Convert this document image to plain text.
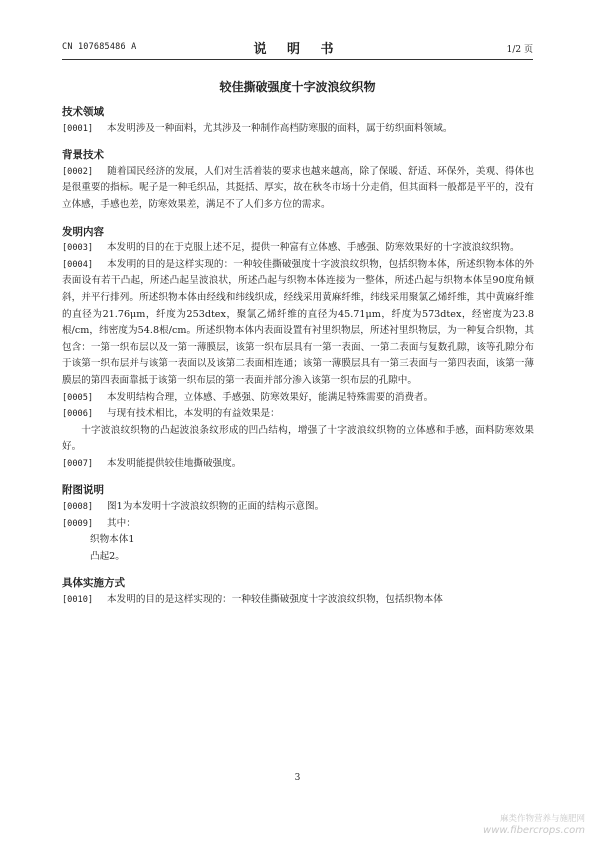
CN 107685486 A	说 明 书	1/2 页
较佳撕破强度十字波浪纹织物
技术领域

[0001] 本发明涉及一种面料，尤其涉及一种制作高档防寒服的面料，属于纺织面料领域。

背景技术

[0002] 随着国民经济的发展，人们对生活着装的要求也越来越高，除了保暖、舒适、环保外，美观、得体也是很重要的指标。呢子是一种毛织品，其挺括、厚实，故在秋冬市场十分走俏，但其面料一般都是平平的，没有立体感，手感也差，防寒效果差，满足不了人们多方位的需求。

发明内容

[0003] 本发明的目的在于克服上述不足，提供一种富有立体感、手感强、防寒效果好的十字波浪纹织物。

[0004] 本发明的目的是这样实现的：一种较佳撕破强度十字波浪纹织物，包括织物本体，所述织物本体的外表面设有若干凸起，所述凸起呈波浪状，所述凸起与织物本体连接为一整体，所述凸起与织物本体呈90度角倾斜，并平行排列。所述织物本体由经线和纬线织成，经线采用黄麻纤维，纬线采用聚氯乙烯纤维，其中黄麻纤维的直径为21.76μm，纤度为253dtex，聚氯乙烯纤维的直径为45.71μm，纤度为573dtex，经密度为23.8根/cm，纬密度为54.8根/cm。所述织物本体内表面设置有衬里织物层，所述衬里织物层，为一种复合织物，其包含：一第一织布层以及一第一薄膜层，该第一织布层具有一第一表面、一第二表面与复数孔隙，该等孔隙分布于该第一织布层并与该第一表面以及该第二表面相连通；该第一薄膜层具有一第三表面与一第四表面，该第一薄膜层的第四表面靠抵于该第一织布层的第一表面并部分渗入该第一织布层的孔隙中。

[0005] 本发明结构合理，立体感、手感强、防寒效果好，能满足特殊需要的消费者。

[0006] 与现有技术相比，本发明的有益效果是：

十字波浪纹织物的凸起波浪条纹形成的凹凸结构，增强了十字波浪纹织物的立体感和手感，面料防寒效果好。

[0007] 本发明能提供较佳地撕破强度。

附图说明

[0008] 图1为本发明十字波浪纹织物的正面的结构示意图。

[0009] 其中：

织物本体1

凸起2。

具体实施方式

[0010] 本发明的目的是这样实现的：一种较佳撕破强度十字波浪纹织物，包括织物本体

3
麻类作物营养与施肥网
www.fibercrops.com
